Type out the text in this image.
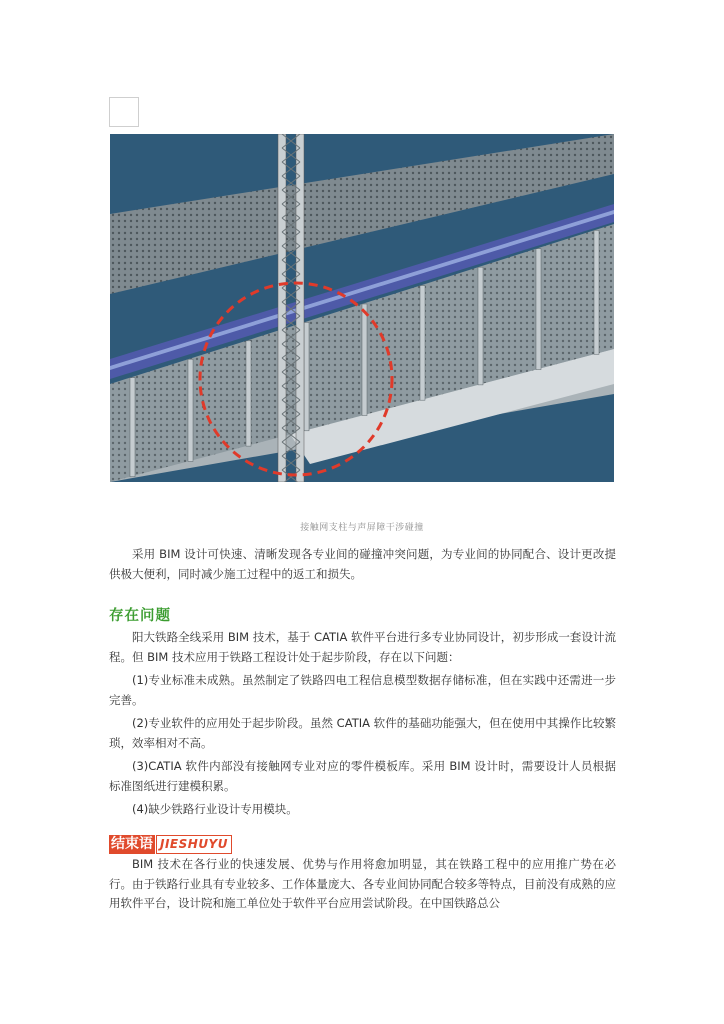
接触网支柱与声屏障干涉碰撞

采用 BIM 设计可快速、清晰发现各专业间的碰撞冲突问题，为专业间的协同配合、设计更改提供极大便利，同时减少施工过程中的返工和损失。

存在问题

阳大铁路全线采用 BIM 技术，基于 CATIA 软件平台进行多专业协同设计，初步形成一套设计流程。但 BIM 技术应用于铁路工程设计处于起步阶段，存在以下问题：

(1)专业标准未成熟。虽然制定了铁路四电工程信息模型数据存储标准，但在实践中还需进一步完善。

(2)专业软件的应用处于起步阶段。虽然 CATIA 软件的基础功能强大，但在使用中其操作比较繁琐，效率相对不高。

(3)CATIA 软件内部没有接触网专业对应的零件模板库。采用 BIM 设计时，需要设计人员根据标准图纸进行建模积累。

(4)缺少铁路行业设计专用模块。

结束语 JIESHUYU

BIM 技术在各行业的快速发展、优势与作用将愈加明显，其在铁路工程中的应用推广势在必行。由于铁路行业具有专业较多、工作体量庞大、各专业间协同配合较多等特点，目前没有成熟的应用软件平台，设计院和施工单位处于软件平台应用尝试阶段。在中国铁路总公
